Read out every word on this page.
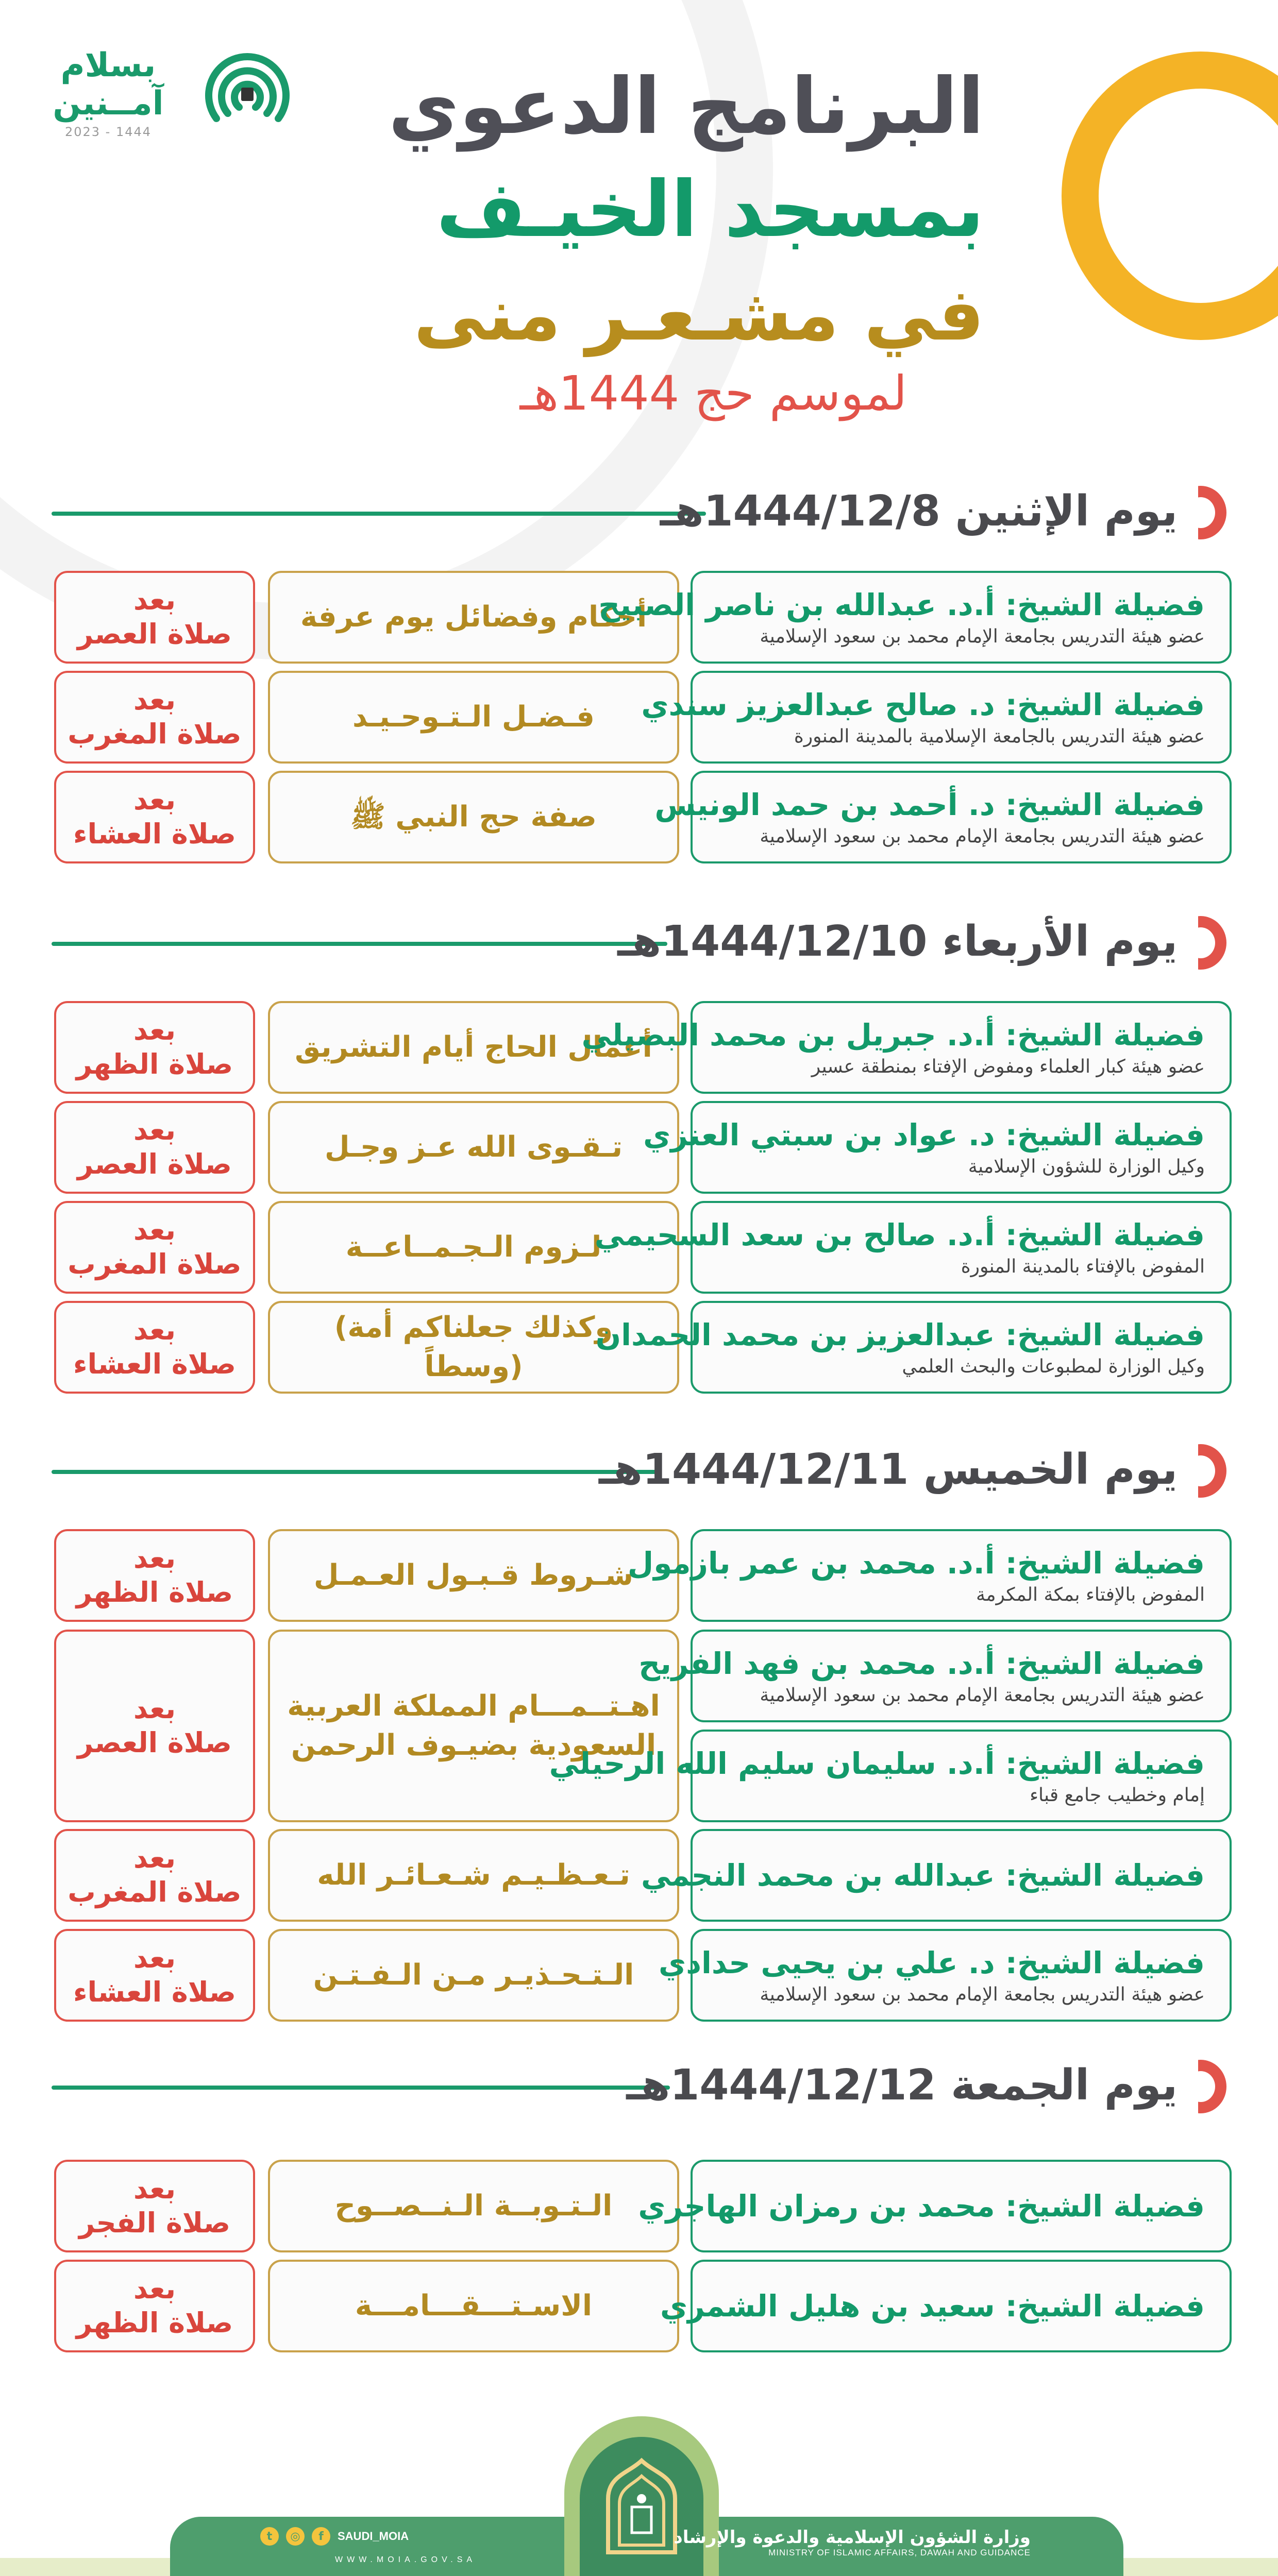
بسلام
آمــنين
2023 - 1444	البرنامج الدعوي
بمسجد الخيـف
في مشـعـر منى
لموسم حج 1444هـ
يوم الإثنين 1444/12/8هـ
بعد
صلاة العصر
أحكام وفضائل يوم عرفة
فضيلة الشيخ: أ.د. عبدالله بن ناصر الصبيح
عضو هيئة التدريس بجامعة الإمام محمد بن سعود الإسلامية
بعد
صلاة المغرب
فـضـل الـتـوحـيـد	فضيلة الشيخ: د. صالح عبدالعزيز سندي
عضو هيئة التدريس بالجامعة الإسلامية بالمدينة المنورة
بعد
صلاة العشاء
صفة حج النبي ﷺ	فضيلة الشيخ: د. أحمد بن حمد الونيس
عضو هيئة التدريس بجامعة الإمام محمد بن سعود الإسلامية
يوم الأربعاء 1444/12/10هـ
بعد
صلاة الظهر
أعمال الحاج أيام التشريق
فضيلة الشيخ: أ.د. جبريل بن محمد البصيلي
عضو هيئة كبار العلماء ومفوض الإفتاء بمنطقة عسير
بعد
صلاة العصر
تـقـوى الله عـز وجـل فضيلة الشيخ: د. عواد بن سبتي العنزي
وكيل الوزارة للشؤون الإسلامية
بعد
صلاة المغرب
لـزوم الـجـمــاعــة
فضيلة الشيخ: أ.د. صالح بن سعد السحيمي
المفوض بالإفتاء بالمدينة المنورة
بعد
صلاة العشاء
(وكذلك جعلناكم أمة وسطاً)
فضيلة الشيخ: عبدالعزيز بن محمد الحمدان
وكيل الوزارة لمطبوعات والبحث العلمي
يوم الخميس 1444/12/11هـ
بعد
صلاة الظهر
شـروط قـبـول العـمـل
فضيلة الشيخ: أ.د. محمد بن عمر بازمول
المفوض بالإفتاء بمكة المكرمة
بعد
صلاة العصر
اهـتــمـــام المملكة العربية السعودية بضيـوف الرحمن
فضيلة الشيخ: أ.د. محمد بن فهد الفريح
عضو هيئة التدريس بجامعة الإمام محمد بن سعود الإسلامية
فضيلة الشيخ: أ.د. سليمان سليم الله الرحيلي
إمام وخطيب جامع قباء
بعد
صلاة المغرب
تـعـظـيـم شـعـائـر الله فضيلة الشيخ: عبدالله بن محمد النجمي
بعد
صلاة العشاء
الـتـحـذيـر مـن الـفـتـن فضيلة الشيخ: د. علي بن يحيى حدادي
عضو هيئة التدريس بجامعة الإمام محمد بن سعود الإسلامية
يوم الجمعة 1444/12/12هـ
بعد
صلاة الفجر
الـتـوبــة الـنــصــوح فضيلة الشيخ: محمد بن رمزان الهاجري
بعد
صلاة الظهر
الاسـتـــقـــامـــة	فضيلة الشيخ: سعيد بن هليل الشمري
وزارة الشؤون الإسلامية والدعوة والإرشاد
MINISTRY OF ISLAMIC AFFAIRS, DAWAH AND GUIDANCE
t	◎	f	SAUDI_MOIA
WWW.MOIA.GOV.SA
